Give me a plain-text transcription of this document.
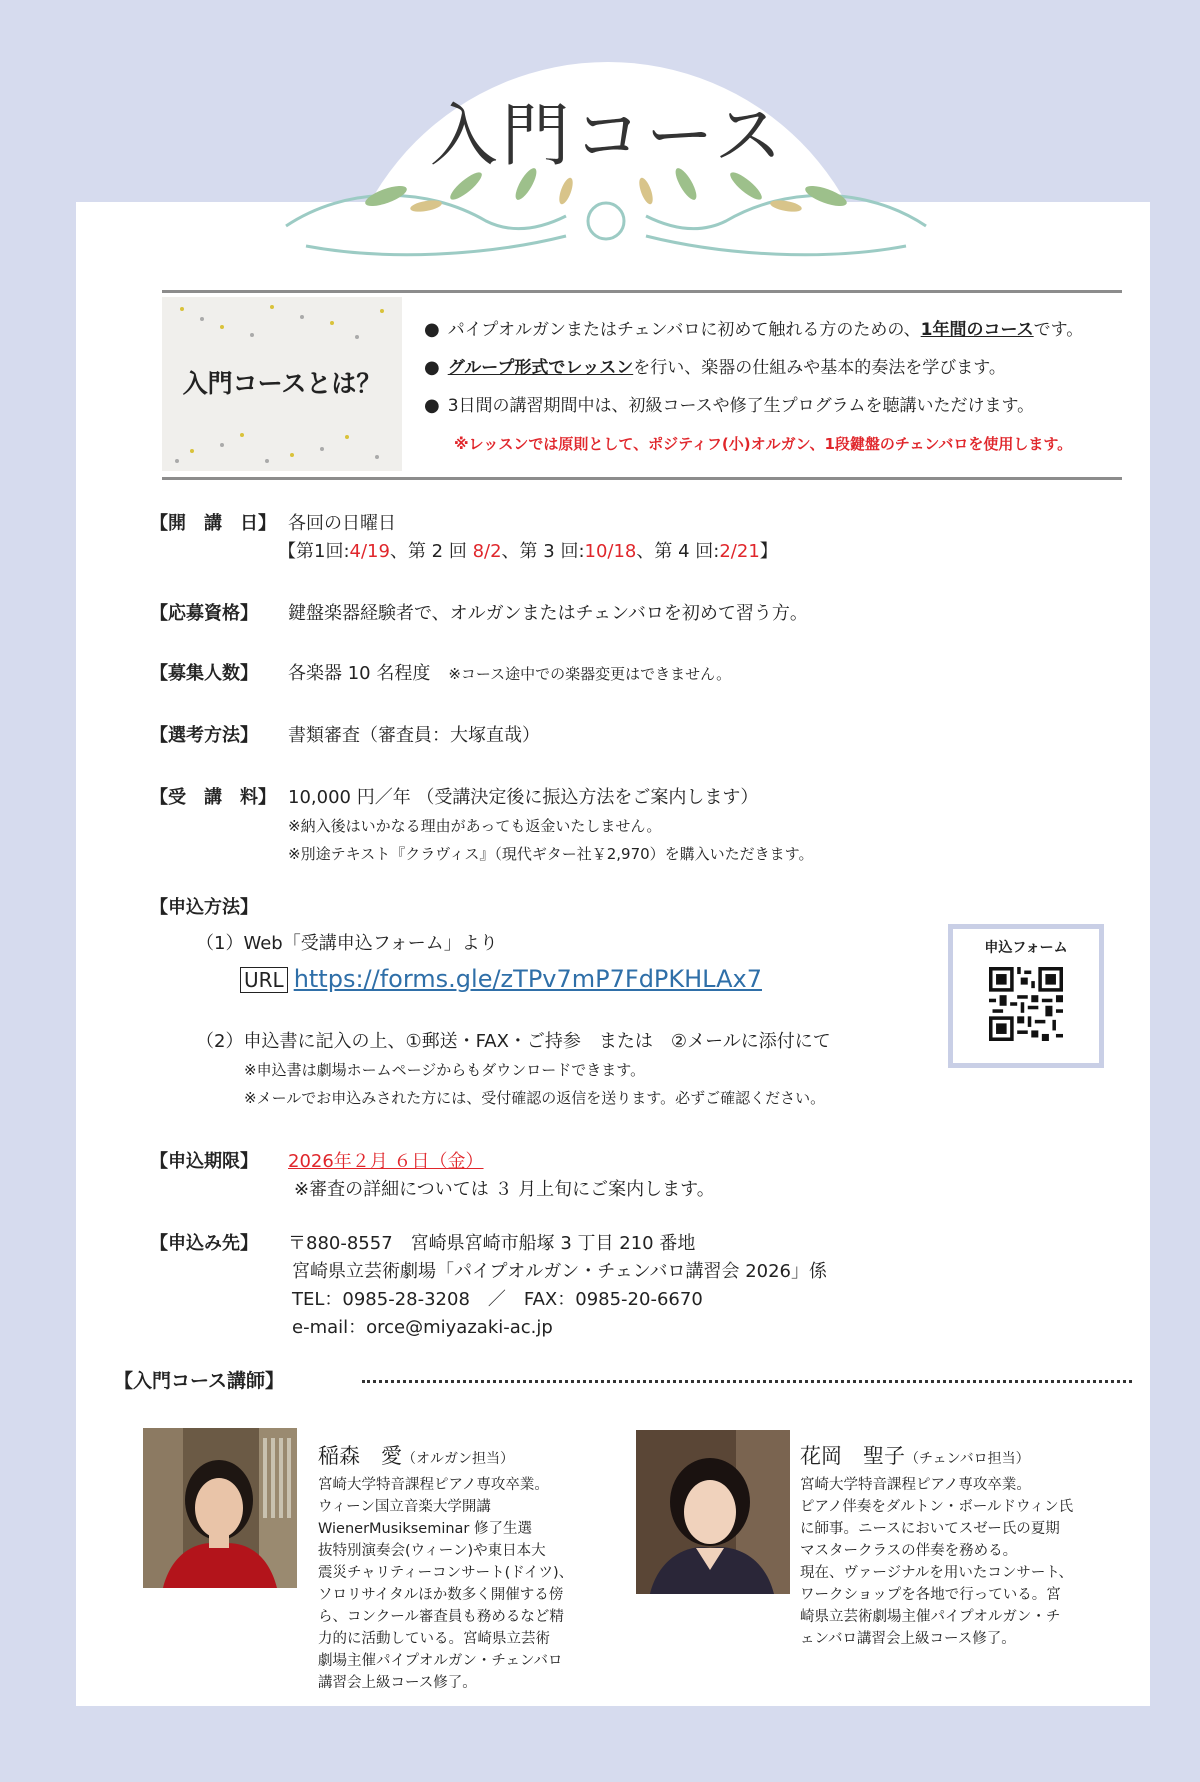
入門コース
入門コースとは？
● パイプオルガンまたはチェンバロに初めて触れる方のための、1年間のコースです。
● グループ形式でレッスンを行い、楽器の仕組みや基本的奏法を学びます。
● 3日間の講習期間中は、初級コースや修了生プログラムを聴講いただけます。
※レッスンでは原則として、ポジティフ(小)オルガン、1段鍵盤のチェンバロを使用します。
【開　講　日】 各回の日曜日
【第1回:4/19、第 2 回 8/2、第 3 回:10/18、第 4 回:2/21】
【応募資格】 鍵盤楽器経験者で、オルガンまたはチェンバロを初めて習う方。
【募集人数】 各楽器 10 名程度　 ※コース途中での楽器変更はできません。
【選考方法】 書類審査（審査員：大塚直哉）
【受　講　料】 10,000 円／年 （受講決定後に振込方法をご案内します）
※納入後はいかなる理由があっても返金いたしません。
※別途テキスト『クラヴィス』（現代ギター社￥2,970）を購入いただきます。
【申込方法】
（1）Web「受講申込フォーム」より
URL https://forms.gle/zTPv7mP7FdPKHLAx7
（2）申込書に記入の上、①郵送・FAX・ご持参　または　②メールに添付にて
※申込書は劇場ホームページからもダウンロードできます。
※メールでお申込みされた方には、受付確認の返信を送ります。必ずご確認ください。
申込フォーム
【申込期限】 2026年２月 ６日（金）
※審査の詳細については ３ 月上旬にご案内します。
【申込み先】 〒880-8557　宮崎県宮崎市船塚 3 丁目 210 番地
宮崎県立芸術劇場「パイプオルガン・チェンバロ講習会 2026」係
TEL：0985-28-3208　／　FAX：0985-20-6670
e-mail：orce@miyazaki-ac.jp
【入門コース講師】
稲森　愛（オルガン担当）
宮崎大学特音課程ピアノ専攻卒業。
ウィーン国立音楽大学開講
WienerMusikseminar 修了生選
抜特別演奏会(ウィーン)や東日本大
震災チャリティーコンサート(ドイツ)、
ソロリサイタルほか数多く開催する傍
ら、コンクール審査員も務めるなど精
力的に活動している。宮崎県立芸術
劇場主催パイプオルガン・チェンバロ
講習会上級コース修了。
花岡　聖子（チェンバロ担当）
宮崎大学特音課程ピアノ専攻卒業。
ピアノ伴奏をダルトン・ボールドウィン氏
に師事。ニースにおいてスゼー氏の夏期
マスタークラスの伴奏を務める。
現在、ヴァージナルを用いたコンサート、
ワークショップを各地で行っている。宮
崎県立芸術劇場主催パイプオルガン・チ
ェンバロ講習会上級コース修了。
